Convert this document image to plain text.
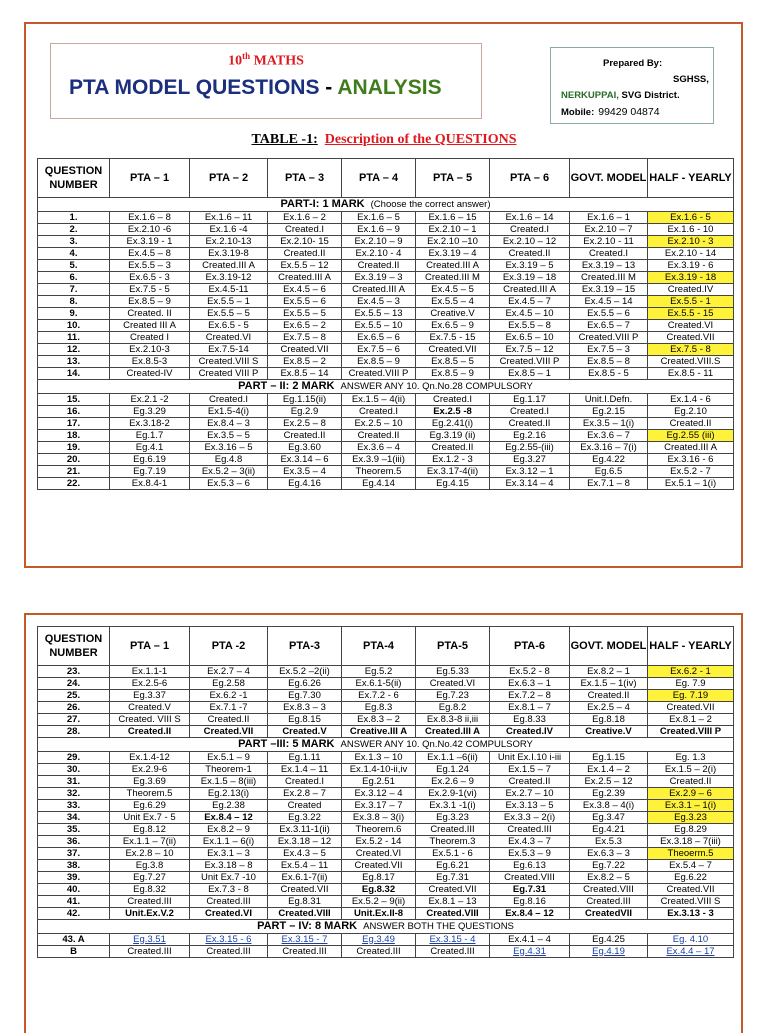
10th MATHS
PTA MODEL QUESTIONS - ANALYSIS
Prepared By:
SGHSS,
NERKUPPAI, SVG District.
Mobile: 99429 04874
TABLE -1: Description of the QUESTIONS
QUESTION NUMBER	PTA – 1	PTA – 2	PTA – 3	PTA – 4	PTA – 5	PTA – 6	GOVT. MODEL	HALF - YEARLY
PART-I: 1 MARK (Choose the correct answer)								
1.	Ex.1.6 – 8	Ex.1.6 – 11	Ex.1.6 – 2	Ex.1.6 – 5	Ex.1.6 – 15	Ex.1.6 – 14	Ex.1.6 – 1	Ex.1.6 - 5
2.	Ex.2.10 -6	Ex.1.6 -4	Created.I	Ex.1.6 – 9	Ex.2.10 – 1	Created.I	Ex.2.10 – 7	Ex.1.6 - 10
3.	Ex.3.19 - 1	Ex.2.10-13	Ex.2.10- 15	Ex.2.10 – 9	Ex.2.10 –10	Ex.2.10 – 12	Ex.2.10 - 11	Ex.2.10 - 3
4.	Ex.4.5 – 8	Ex.3.19-8	Created.II	Ex.2.10 - 4	Ex.3.19 – 4	Created.II	Created.I	Ex.2.10 - 14
5.	Ex.5.5 – 3	Created.III A	Ex.5.5 – 12	Created.II	Created.III A	Ex.3.19 – 5	Ex.3.19 – 13	Ex.3.19 - 6
6.	Ex.6.5 - 3	Ex.3.19-12	Created.III A	Ex.3.19 – 3	Created.III M	Ex.3.19 – 18	Created.III M	Ex.3.19 - 18
7.	Ex.7.5 - 5	Ex.4.5-11	Ex.4.5 – 6	Created.III A	Ex.4.5 – 5	Created.III A	Ex.3.19 – 15	Created.IV
8.	Ex.8.5 – 9	Ex.5.5 – 1	Ex.5.5 – 6	Ex.4.5 – 3	Ex.5.5 – 4	Ex.4.5 – 7	Ex.4.5 – 14	Ex.5.5 - 1
9.	Created. II	Ex.5.5 – 5	Ex.5.5 – 5	Ex.5.5 – 13	Creative.V	Ex.4.5 – 10	Ex.5.5 – 6	Ex.5.5 - 15
10.	Created III A	Ex.6.5 - 5	Ex.6.5 – 2	Ex.5.5 – 10	Ex.6.5 – 9	Ex.5.5 – 8	Ex.6.5 – 7	Created.VI
11.	Created I	Created.VI	Ex.7.5 – 8	Ex.6.5 – 6	Ex.7.5 - 15	Ex.6.5 – 10	Created.VIII P	Created.VII
12.	Ex.2.10-3	Ex.7.5-14	Created.VII	Ex.7.5 – 6	Created.VII	Ex.7.5 – 12	Ex.7.5 – 3	Ex.7.5 - 8
13.	Ex.8.5-3	Created.VIII S	Ex.8.5 – 2	Ex.8.5 – 9	Ex.8.5 – 5	Created.VIII P	Ex.8.5 – 8	Created.VIII.S
14.	Created-IV	Created VIII P	Ex.8.5 – 14	Created.VIII P	Ex.8.5 – 9	Ex.8.5 – 1	Ex.8.5 - 5	Ex.8.5 - 11
PART – II: 2 MARK ANSWER ANY 10. Qn.No.28 COMPULSORY								
15.	Ex.2.1 -2	Created.I	Eg.1.15(ii)	Ex.1.5 – 4(ii)	Created.I	Eg.1.17	Unit.I.Defn.	Ex.1.4 - 6
16.	Eg.3.29	Ex1.5-4(i)	Eg.2.9	Created.I	Ex.2.5 -8	Created.I	Eg.2.15	Eg.2.10
17.	Ex.3.18-2	Ex.8.4 – 3	Ex.2.5 – 8	Ex.2.5 – 10	Eg.2.41(i)	Created.II	Ex.3.5 – 1(i)	Created.II
18.	Eg.1.7	Ex.3.5 – 5	Created.II	Created.II	Eg.3.19 (ii)	Eg.2.16	Ex.3.6 – 7	Eg.2.55 (iii)
19.	Eg.4.1	Ex.3.16 – 5	Eg.3.60	Ex.3.6 – 4	Created.II	Eg.2.55-(iii)	Ex.3.16 – 7(i)	Created.III A
20.	Eg.6.19	Eg.4.8	Ex.3.14 – 6	Ex.3.9 –1(iii)	Ex.1.2 - 3	Eg.3.27	Eg.4.22	Ex.3.16 - 6
21.	Eg.7.19	Ex.5.2 – 3(ii)	Ex.3.5 – 4	Theorem.5	Ex.3.17-4(ii)	Ex.3.12 – 1	Eg.6.5	Ex.5.2 - 7
22.	Ex.8.4-1	Ex.5.3 – 6	Eg.4.16	Eg.4.14	Eg.4.15	Ex.3.14 – 4	Ex.7.1 – 8	Ex.5.1 – 1(i)
QUESTION NUMBER	PTA – 1	PTA -2	PTA-3	PTA-4	PTA-5	PTA-6	GOVT. MODEL	HALF - YEARLY
23.	Ex.1.1-1	Ex.2.7 – 4	Ex.5.2 –2(ii)	Eg.5.2	Eg.5.33	Ex.5.2 - 8	Ex.8.2 – 1	Ex.6.2 - 1
24.	Ex.2.5-6	Eg.2.58	Eg.6.26	Ex.6.1-5(ii)	Created.VI	Ex.6.3 – 1	Ex.1.5 – 1(iv)	Eg. 7.9
25.	Eg.3.37	Ex.6.2 -1	Eg.7.30	Ex.7.2 - 6	Eg.7.23	Ex.7.2 – 8	Created.II	Eg. 7.19
26.	Created.V	Ex.7.1 -7	Ex.8.3 – 3	Eg.8.3	Eg.8.2	Ex.8.1 – 7	Ex.2.5 – 4	Created.VII
27.	Created. VIII S	Created.II	Eg.8.15	Ex.8.3 – 2	Ex.8.3-8 ii,iii	Eg.8.33	Eg.8.18	Ex.8.1 – 2
28.	Created.II	Created.VII	Created.V	Creative.III A	Created.III A	Created.IV	Creative.V	Created.VIII P
PART –III: 5 MARK ANSWER ANY 10. Qn.No.42 COMPULSORY								
29.	Ex.1.4-12	Ex.5.1 – 9	Eg.1.11	Ex.1.3 – 10	Ex.1.1 –6(ii)	Unit Ex.I.10 i-iii	Eg.1.15	Eg. 1.3
30.	Ex.2.9-6	Theorem-1	Ex.1.4 – 11	Ex.1.4-10-ii,iv	Eg.1.24	Ex.1.5 – 7	Ex.1.4 – 2	Ex.1.5 – 2(i)
31.	Eg.3.69	Ex.1.5 – 8(iii)	Created.I	Eg.2.51	Ex.2.6 – 9	Created.II	Ex.2.5 – 12	Created.II
32.	Theorem.5	Eg.2.13(i)	Ex.2.8 – 7	Ex.3.12 – 4	Ex.2.9-1(vi)	Ex.2.7 – 10	Eg.2.39	Ex.2.9 – 6
33.	Eg.6.29	Eg.2.38	Created	Ex.3.17 – 7	Ex.3.1 -1(i)	Ex.3.13 – 5	Ex.3.8 – 4(i)	Ex.3.1 – 1(i)
34.	Unit Ex.7 - 5	Ex.8.4 – 12	Eg.3.22	Ex.3.8 – 3(i)	Eg.3.23	Ex.3.3 – 2(i)	Eg.3.47	Eg.3.23
35.	Eg.8.12	Ex.8.2 – 9	Ex.3.11-1(ii)	Theorem.6	Created.III	Created.III	Eg.4.21	Eg.8.29
36.	Ex.1.1 – 7(ii)	Ex.1.1 – 6(i)	Ex.3.18 – 12	Ex.5.2 - 14	Theorem.3	Ex.4.3 – 7	Ex.5.3	Ex.3.18 – 7(iii)
37.	Ex.2.8 – 10	Ex.3.1 – 3	Ex.4.3 – 5	Created.VI	Ex.5.1 - 6	Ex.5.3 – 9	Ex.6.3 – 3	Theoerm.5
38.	Eg.3.8	Ex.3.18 – 8	Ex.5.4 – 11	Created.VII	Eg.6.21	Eg.6.13	Eg.7.22	Ex.5.4 – 7
39.	Eg.7.27	Unit Ex.7 -10	Ex.6.1-7(ii)	Eg.8.17	Eg.7.31	Created.VIII	Ex.8.2 – 5	Eg.6.22
40.	Eg.8.32	Ex.7.3 - 8	Created.VII	Eg.8.32	Created.VII	Eg.7.31	Created.VIII	Created.VII
41.	Created.III	Created.III	Eg.8.31	Ex.5.2 – 9(ii)	Ex.8.1 – 13	Eg.8.16	Created.III	Created.VIII S
42.	Unit.Ex.V.2	Created.VI	Created.VIII	Unit.Ex.II-8	Created.VIII	Ex.8.4 – 12	CreatedVII	Ex.3.13 - 3
PART – IV: 8 MARK ANSWER BOTH THE QUESTIONS								
43. A	Eg.3.51	Ex.3.15 - 6	Ex.3.15 - 7	Eg.3.49	Ex.3.15 - 4	Ex.4.1 – 4	Eg.4.25	Eg. 4.10
B	Created.III	Created.III	Created.III	Created.III	Created.III	Eg.4.31	Eg.4.19	Ex.4.4 – 17
